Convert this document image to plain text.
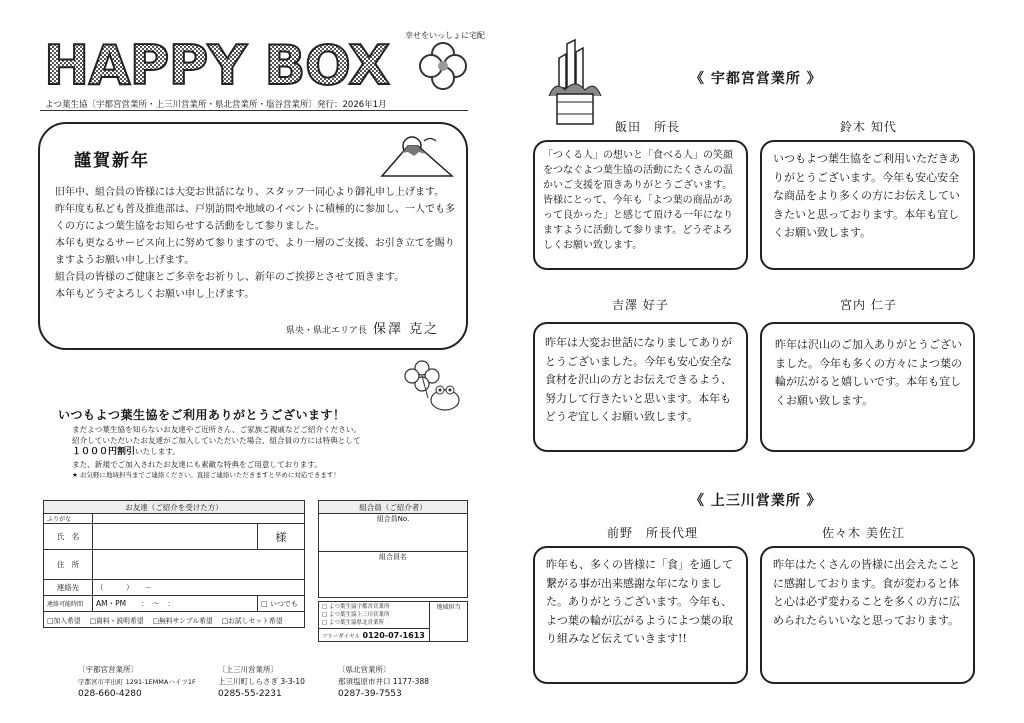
幸せをいっしょに宅配
HAPPY BOX
よつ葉生協〔宇都宮営業所・上三川営業所・県北営業所・塩谷営業所〕発行：2026年1月
謹賀新年
旧年中、組合員の皆様には大変お世話になり、スタッフ一同心より御礼申し上げます。
昨年度も私ども普及推進部は、戸別訪問や地域のイベントに積極的に参加し、一人でも多くの方によつ葉生協をお知らせする活動をして参りました。
本年も更なるサービス向上に努めて参りますので、より一層のご支援、お引き立てを賜りますようお願い申し上げます。
組合員の皆様のご健康とご多幸をお祈りし、新年のご挨拶とさせて頂きます。
本年もどうぞよろしくお願い申し上げます。
県央・県北エリア長 保澤 克之
いつもよつ葉生協をご利用ありがとうございます！
まだよつ葉生協を知らないお友達やご近所さん、ご家族ご親戚などご紹介ください。
紹介していただいたお友達がご加入していただいた場合、組合員の方には特典として
１０００円割引いたします。
また、新規でご加入されたお友達にも素敵な特典をご用意しております。
★ お気軽に地域担当までご連絡ください。直接ご連絡いただきますと早めに対応できます！
お友達（ご紹介を受けた方）		
ふりがな		
氏　名		様
住　所		
連絡先	（　　　）　　－	
連絡可能時間	AM・PM　　：　～　：	□ いつでも
□加入希望　 □資料・説明希望　 □無料サンプル希望　 □お試しセット希望		
組合員（ご紹介者）
組合員No.
組合員名
□ よつ葉生協宇都宮営業所
□ よつ葉生協上三川営業所
□ よつ葉生協県北営業所
	地域担当
フリーダイヤル 0120-07-1613
〔宇都宮営業所〕
宇都宮市平出町 1291-1EMMAハイツ1F
028-660-4280
〔上三川営業所〕
上三川町しらさぎ 3-3-10
0285-55-2231
〔県北営業所〕
那須塩原市井口 1177-388
0287-39-7553
《 宇都宮営業所 》
飯田　所長
「つくる人」の想いと「食べる人」の笑顔をつなぐよつ葉生協の活動にたくさんの温かいご支援を頂きありがとうございます。皆様にとって、今年も「よつ葉の商品があって良かった」と感じて頂ける一年になりますように活動して参ります。どうぞよろしくお願い致します。
鈴木 知代
いつもよつ葉生協をご利用いただきありがとうございます。今年も安心安全な商品をより多くの方にお伝えしていきたいと思っております。本年も宜しくお願い致します。
吉澤 好子
昨年は大変お世話になりましてありがとうございました。今年も安心安全な食材を沢山の方とお伝えできるよう、努力して行きたいと思います。本年もどうぞ宜しくお願い致します。
宮内 仁子
昨年は沢山のご加入ありがとうございました。今年も多くの方々によつ葉の輪が広がると嬉しいです。本年も宜しくお願い致します。
《 上三川営業所 》
前野　所長代理
昨年も、多くの皆様に「食」を通して繋がる事が出来感謝な年になりました。ありがとうございます。今年も、よつ葉の輪が広がるようによつ葉の取り組みなど伝えていきます!!
佐々木 美佐江
昨年はたくさんの皆様に出会えたことに感謝しております。食が変わると体と心は必ず変わることを多くの方に広められたらいいなと思っております。
